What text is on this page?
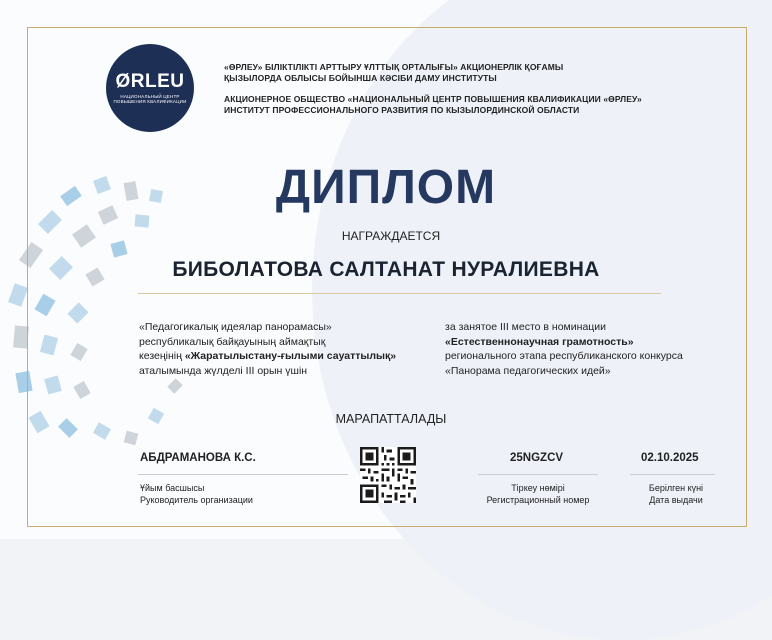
ØRLEU
НАЦИОНАЛЬНЫЙ ЦЕНТР
ПОВЫШЕНИЯ КВАЛИФИКАЦИИ
«ӨРЛЕУ» БІЛІКТІЛІКТІ АРТТЫРУ ҰЛТТЫҚ ОРТАЛЫҒЫ» АКЦИОНЕРЛІК ҚОҒАМЫ
ҚЫЗЫЛОРДА ОБЛЫСЫ БОЙЫНША КӘСІБИ ДАМУ ИНСТИТУТЫ
АКЦИОНЕРНОЕ ОБЩЕСТВО «НАЦИОНАЛЬНЫЙ ЦЕНТР ПОВЫШЕНИЯ КВАЛИФИКАЦИИ «ӨРЛЕУ»
ИНСТИТУТ ПРОФЕССИОНАЛЬНОГО РАЗВИТИЯ ПО КЫЗЫЛОРДИНСКОЙ ОБЛАСТИ
ДИПЛОМ
НАГРАЖДАЕТСЯ
БИБОЛАТОВА САЛТАНАТ НУРАЛИЕВНА
«Педагогикалық идеялар панорамасы»
республикалық байқауының аймақтық
кезеңінің «Жаратылыстану-ғылыми сауаттылық»
аталымында жүлделі III орын үшін
за занятое III место в номинации
«Естественнонаучная грамотность»
регионального этапа республиканского конкурса
«Панорама педагогических идей»
МАРАПАТТАЛАДЫ
АБДРАМАНОВА К.С.
Ұйым басшысы
Руководитель организации
25NGZCV
Тіркеу нөмірі
Регистрационный номер
02.10.2025
Берілген күні
Дата выдачи
